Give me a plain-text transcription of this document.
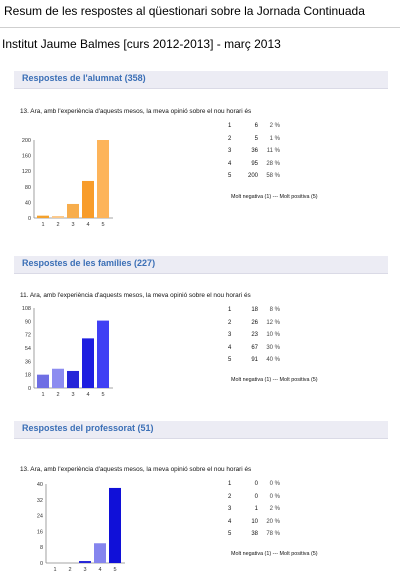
Resum de les respostes al qüestionari sobre la Jornada Continuada
Institut Jaume Balmes [curs 2012-2013] - març 2013
Respostes de l'alumnat (358)
13. Ara, amb l'experiència d'aquests mesos, la meva opinió sobre el nou horari és
0
40
80
120
160
200
1 2 3 4 5
1	6	2 %
2	5	1 %
3	36	11 %
4	95	28 %
5	200	58 %
Molt negativa (1) --- Molt positiva (5)
Respostes de les famílies (227)
11. Ara, amb l'experiència d'aquests mesos, la meva opinió sobre el nou horari és
0
18
36
54
72
90
108
1 2 3 4 5
1	18	8 %
2	26	12 %
3	23	10 %
4	67	30 %
5	91	40 %
Molt negativa (1) --- Molt positiva (5)
Respostes del professorat (51)
13. Ara, amb l'experiència d'aquests mesos, la meva opinió sobre el nou horari és
0
8
16
24
32
40
1 2 3 4 5
1	0	0 %
2	0	0 %
3	1	2 %
4	10	20 %
5	38	78 %
Molt negativa (1) --- Molt positiva (5)
